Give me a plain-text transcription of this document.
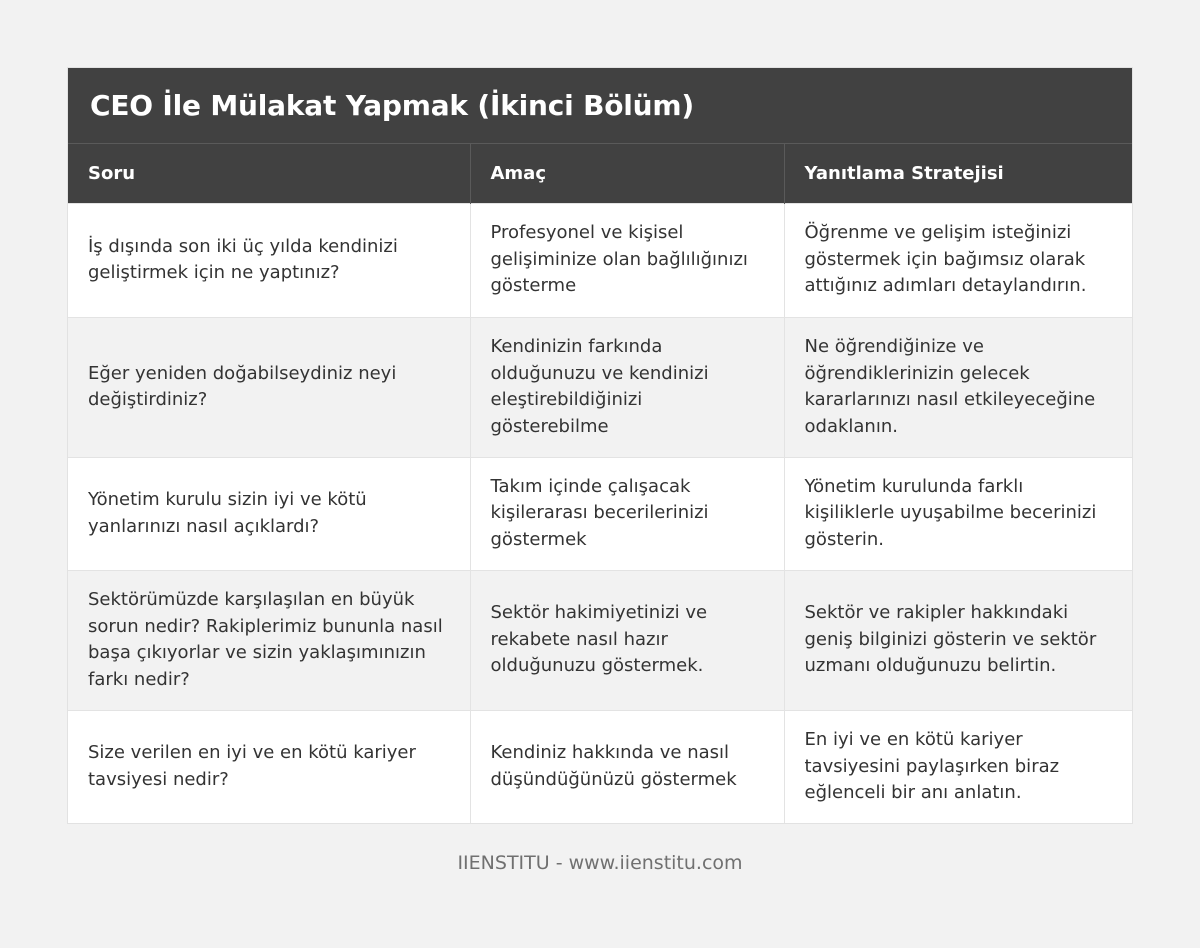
CEO İle Mülakat Yapmak (İkinci Bölüm)
Soru	Amaç	Yanıtlama Stratejisi
İş dışında son iki üç yılda kendinizi geliştirmek için ne yaptınız?	Profesyonel ve kişisel gelişiminize olan bağlılığınızı gösterme	Öğrenme ve gelişim isteğinizi göstermek için bağımsız olarak attığınız adımları detaylandırın.
Eğer yeniden doğabilseydiniz neyi değiştirdiniz?	Kendinizin farkında olduğunuzu ve kendinizi eleştirebildiğinizi gösterebilme	Ne öğrendiğinize ve öğrendiklerinizin gelecek kararlarınızı nasıl etkileyeceğine odaklanın.
Yönetim kurulu sizin iyi ve kötü yanlarınızı nasıl açıklardı?	Takım içinde çalışacak kişilerarası becerilerinizi göstermek	Yönetim kurulunda farklı kişiliklerle uyuşabilme becerinizi gösterin.
Sektörümüzde karşılaşılan en büyük sorun nedir? Rakiplerimiz bununla nasıl başa çıkıyorlar ve sizin yaklaşımınızın farkı nedir?	Sektör hakimiyetinizi ve rekabete nasıl hazır olduğunuzu göstermek.	Sektör ve rakipler hakkındaki geniş bilginizi gösterin ve sektör uzmanı olduğunuzu belirtin.
Size verilen en iyi ve en kötü kariyer tavsiyesi nedir?	Kendiniz hakkında ve nasıl düşündüğünüzü göstermek	En iyi ve en kötü kariyer tavsiyesini paylaşırken biraz eğlenceli bir anı anlatın.
IIENSTITU - www.iienstitu.com
